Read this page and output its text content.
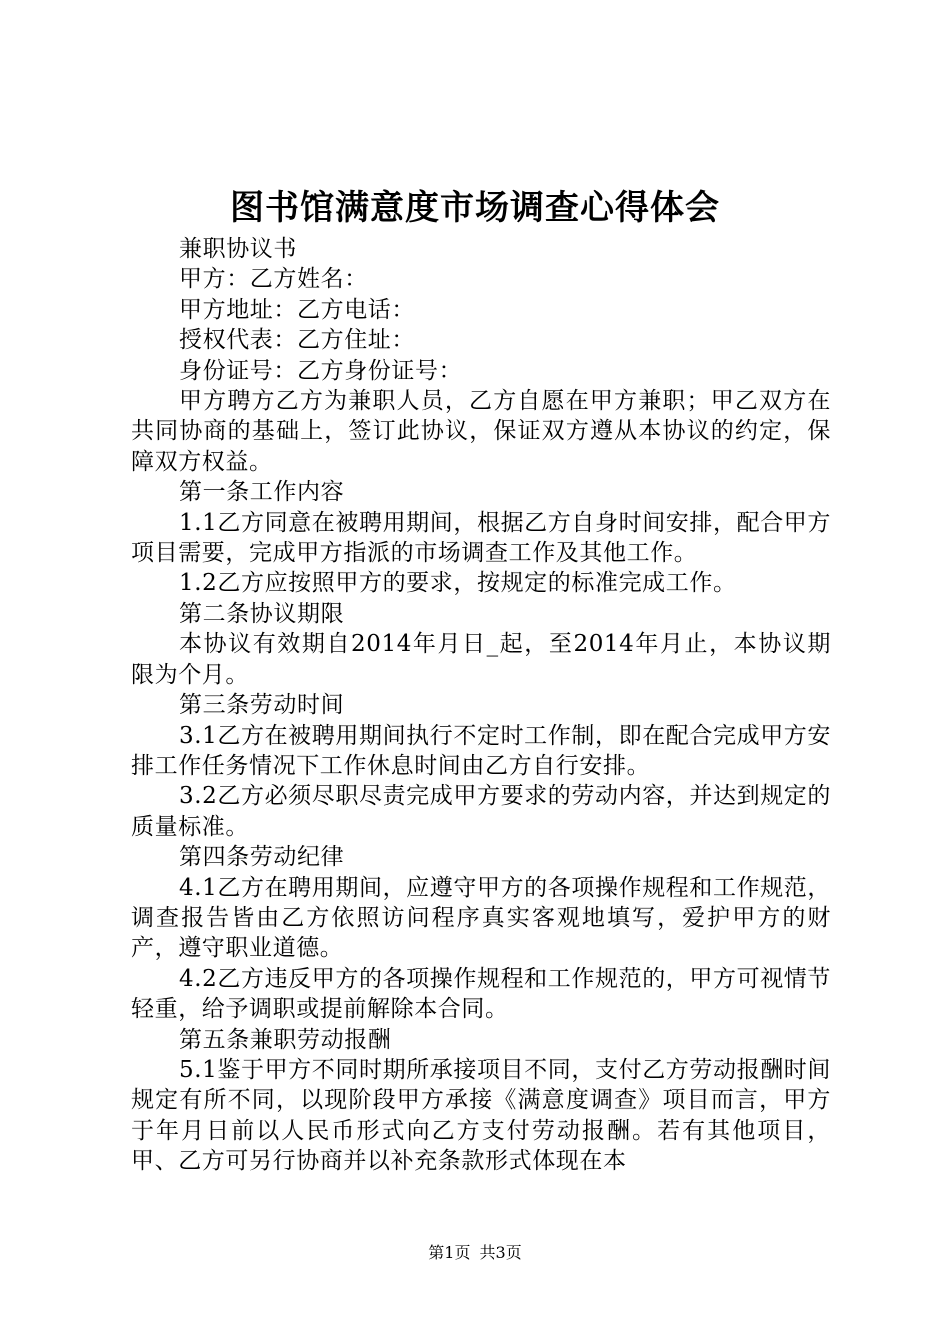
图书馆满意度市场调查心得体会

兼职协议书

甲方：乙方姓名：

甲方地址：乙方电话：

授权代表：乙方住址：

身份证号：乙方身份证号：

甲方聘方乙方为兼职人员，乙方自愿在甲方兼职；甲乙双方在共同协商的基础上，签订此协议，保证双方遵从本协议的约定，保障双方权益。

第一条工作内容

1.1乙方同意在被聘用期间，根据乙方自身时间安排，配合甲方项目需要，完成甲方指派的市场调查工作及其他工作。

1.2乙方应按照甲方的要求，按规定的标准完成工作。

第二条协议期限

本协议有效期自2014年月日_起，至2014年月止，本协议期限为个月。

第三条劳动时间

3.1乙方在被聘用期间执行不定时工作制，即在配合完成甲方安排工作任务情况下工作休息时间由乙方自行安排。

3.2乙方必须尽职尽责完成甲方要求的劳动内容，并达到规定的质量标准。

第四条劳动纪律

4.1乙方在聘用期间，应遵守甲方的各项操作规程和工作规范，调查报告皆由乙方依照访问程序真实客观地填写，爱护甲方的财产，遵守职业道德。

4.2乙方违反甲方的各项操作规程和工作规范的，甲方可视情节轻重，给予调职或提前解除本合同。

第五条兼职劳动报酬

5.1鉴于甲方不同时期所承接项目不同，支付乙方劳动报酬时间规定有所不同，以现阶段甲方承接《满意度调查》项目而言，甲方于年月日前以人民币形式向乙方支付劳动报酬。若有其他项目，甲、乙方可另行协商并以补充条款形式体现在本

第1页 共3页
